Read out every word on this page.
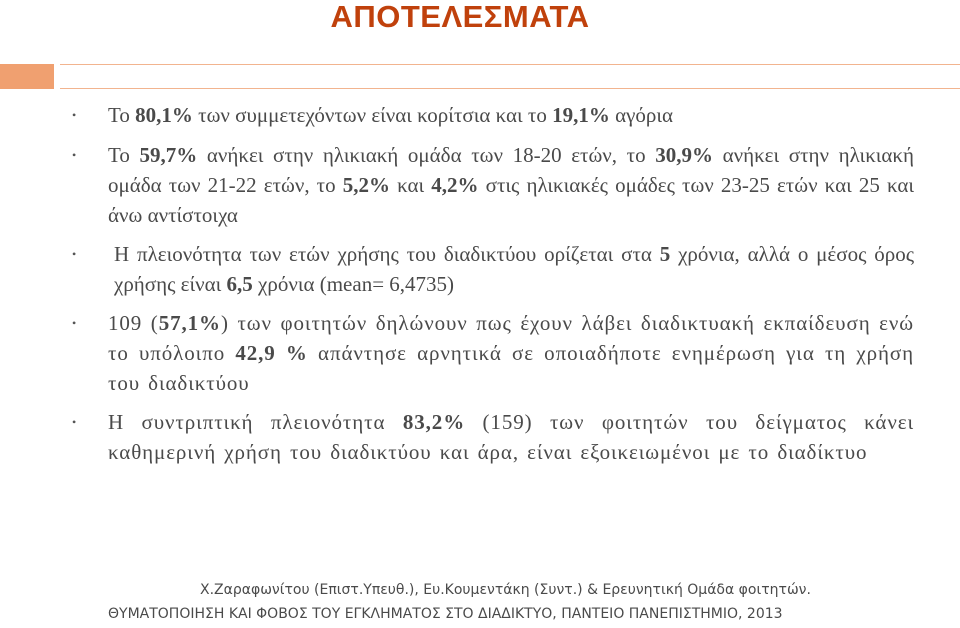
ΑΠΟΤΕΛΕΣΜΑΤΑ
• Το 80,1% των συμμετεχόντων είναι κορίτσια και το 19,1% αγόρια
• Το 59,7% ανήκει στην ηλικιακή ομάδα των 18-20 ετών, το 30,9% ανήκει στην ηλικιακή ομάδα των 21-22 ετών, το 5,2% και 4,2% στις ηλικιακές ομάδες των 23-25 ετών και 25 και άνω αντίστοιχα
• Η πλειονότητα των ετών χρήσης του διαδικτύου ορίζεται στα 5 χρόνια, αλλά ο μέσος όρος χρήσης είναι 6,5 χρόνια (mean= 6,4735)
• 109 (57,1%) των φοιτητών δηλώνουν πως έχουν λάβει διαδικτυακή εκπαίδευση ενώ το υπόλοιπο 42,9 % απάντησε αρνητικά σε οποιαδήποτε ενημέρωση για τη χρήση του διαδικτύου
• Η συντριπτική πλειονότητα 83,2% (159) των φοιτητών του δείγματος κάνει καθημερινή χρήση του διαδικτύου και άρα, είναι εξοικειωμένοι με το διαδίκτυο
Χ.Ζαραφωνίτου (Επιστ.Υπευθ.), Ευ.Κουμεντάκη (Συντ.) & Ερευνητική Ομάδα φοιτητών.
ΘΥΜΑΤΟΠΟΙΗΣΗ ΚΑΙ ΦΟΒΟΣ ΤΟΥ ΕΓΚΛΗΜΑΤΟΣ ΣΤΟ ΔΙΑΔΙΚΤΥΟ, ΠΑΝΤΕΙΟ ΠΑΝΕΠΙΣΤΗΜΙΟ, 2013
